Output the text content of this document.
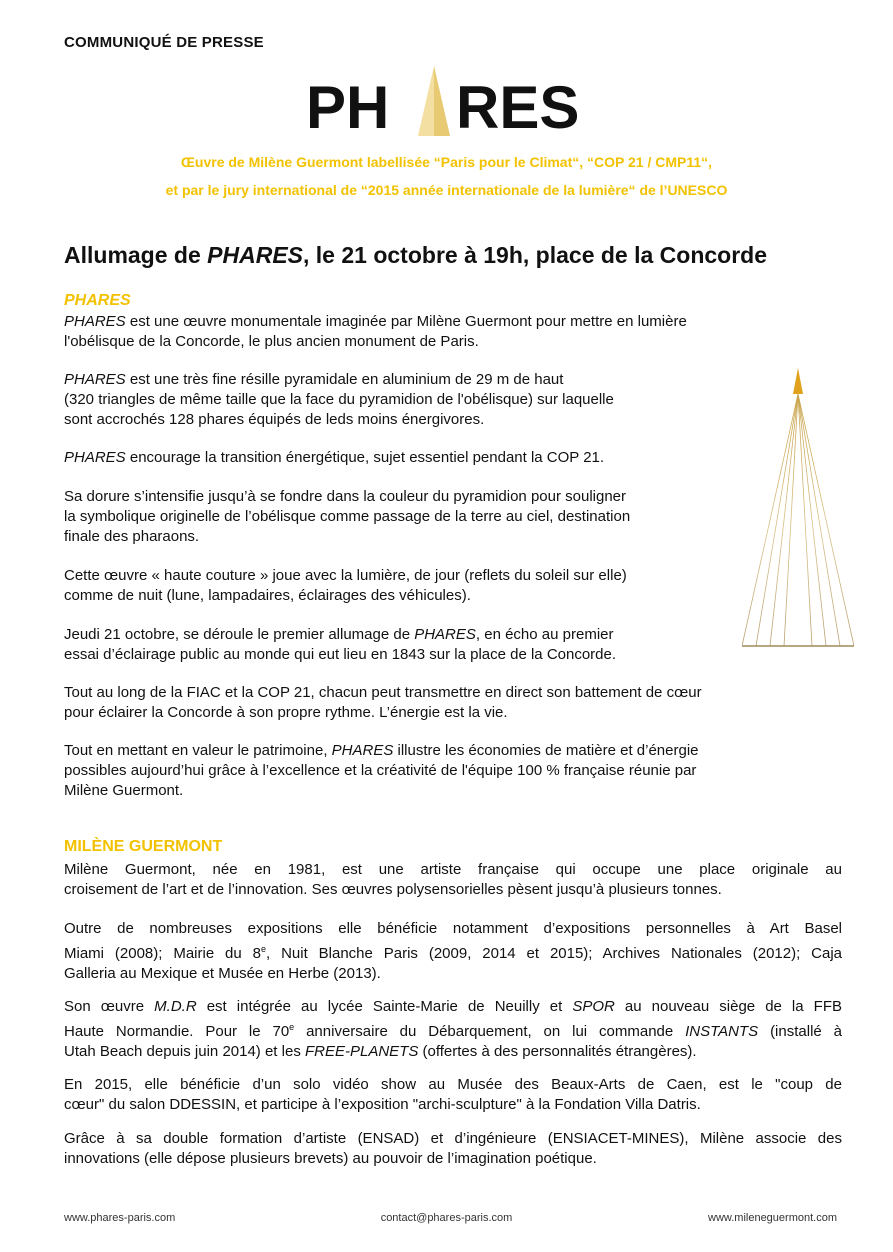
COMMUNIQUÉ DE PRESSE
PH RES
Œuvre de Milène Guermont labellisée “Paris pour le Climat“, “COP 21 / CMP11“,
et par le jury international de “2015 année internationale de la lumière“ de l’UNESCO
Allumage de PHARES, le 21 octobre à 19h, place de la Concorde
PHARES
PHARES est une œuvre monumentale imaginée par Milène Guermont pour mettre en lumière
l'obélisque de la Concorde, le plus ancien monument de Paris.
PHARES est une très fine résille pyramidale en aluminium de 29 m de haut
(320 triangles de même taille que la face du pyramidion de l'obélisque) sur laquelle
sont accrochés 128 phares équipés de leds moins énergivores.
PHARES encourage la transition énergétique, sujet essentiel pendant la COP 21.
Sa dorure s’intensifie jusqu’à se fondre dans la couleur du pyramidion pour souligner
la symbolique originelle de l’obélisque comme passage de la terre au ciel, destination
finale des pharaons.
Cette œuvre « haute couture » joue avec la lumière, de jour (reflets du soleil sur elle)
comme de nuit (lune, lampadaires, éclairages des véhicules).
Jeudi 21 octobre, se déroule le premier allumage de PHARES, en écho au premier
essai d’éclairage public au monde qui eut lieu en 1843 sur la place de la Concorde.
Tout au long de la FIAC et la COP 21, chacun peut transmettre en direct son battement de cœur
pour éclairer la Concorde à son propre rythme. L’énergie est la vie.
Tout en mettant en valeur le patrimoine, PHARES illustre les économies de matière et d’énergie
possibles aujourd’hui grâce à l’excellence et la créativité de l'équipe 100 % française réunie par
Milène Guermont.
MILÈNE GUERMONT
Milène Guermont, née en 1981, est une artiste française qui occupe une place originale au
croisement de l’art et de l’innovation. Ses œuvres polysensorielles pèsent jusqu’à plusieurs tonnes.
Outre de nombreuses expositions elle bénéficie notamment d’expositions personnelles à Art Basel
Miami (2008); Mairie du 8e, Nuit Blanche Paris (2009, 2014 et 2015); Archives Nationales (2012); Caja
Galleria au Mexique et Musée en Herbe (2013).
Son œuvre M.D.R est intégrée au lycée Sainte-Marie de Neuilly et SPOR au nouveau siège de la FFB
Haute Normandie. Pour le 70e anniversaire du Débarquement, on lui commande INSTANTS (installé à
Utah Beach depuis juin 2014) et les FREE-PLANETS (offertes à des personnalités étrangères).
En 2015, elle bénéficie d’un solo vidéo show au Musée des Beaux-Arts de Caen, est le "coup de
cœur" du salon DDESSIN, et participe à l’exposition "archi-sculpture" à la Fondation Villa Datris.
Grâce à sa double formation d’artiste (ENSAD) et d’ingénieure (ENSIACET-MINES), Milène associe des
innovations (elle dépose plusieurs brevets) au pouvoir de l’imagination poétique.
www.phares-paris.com	contact@phares-paris.com	www.mileneguermont.com
